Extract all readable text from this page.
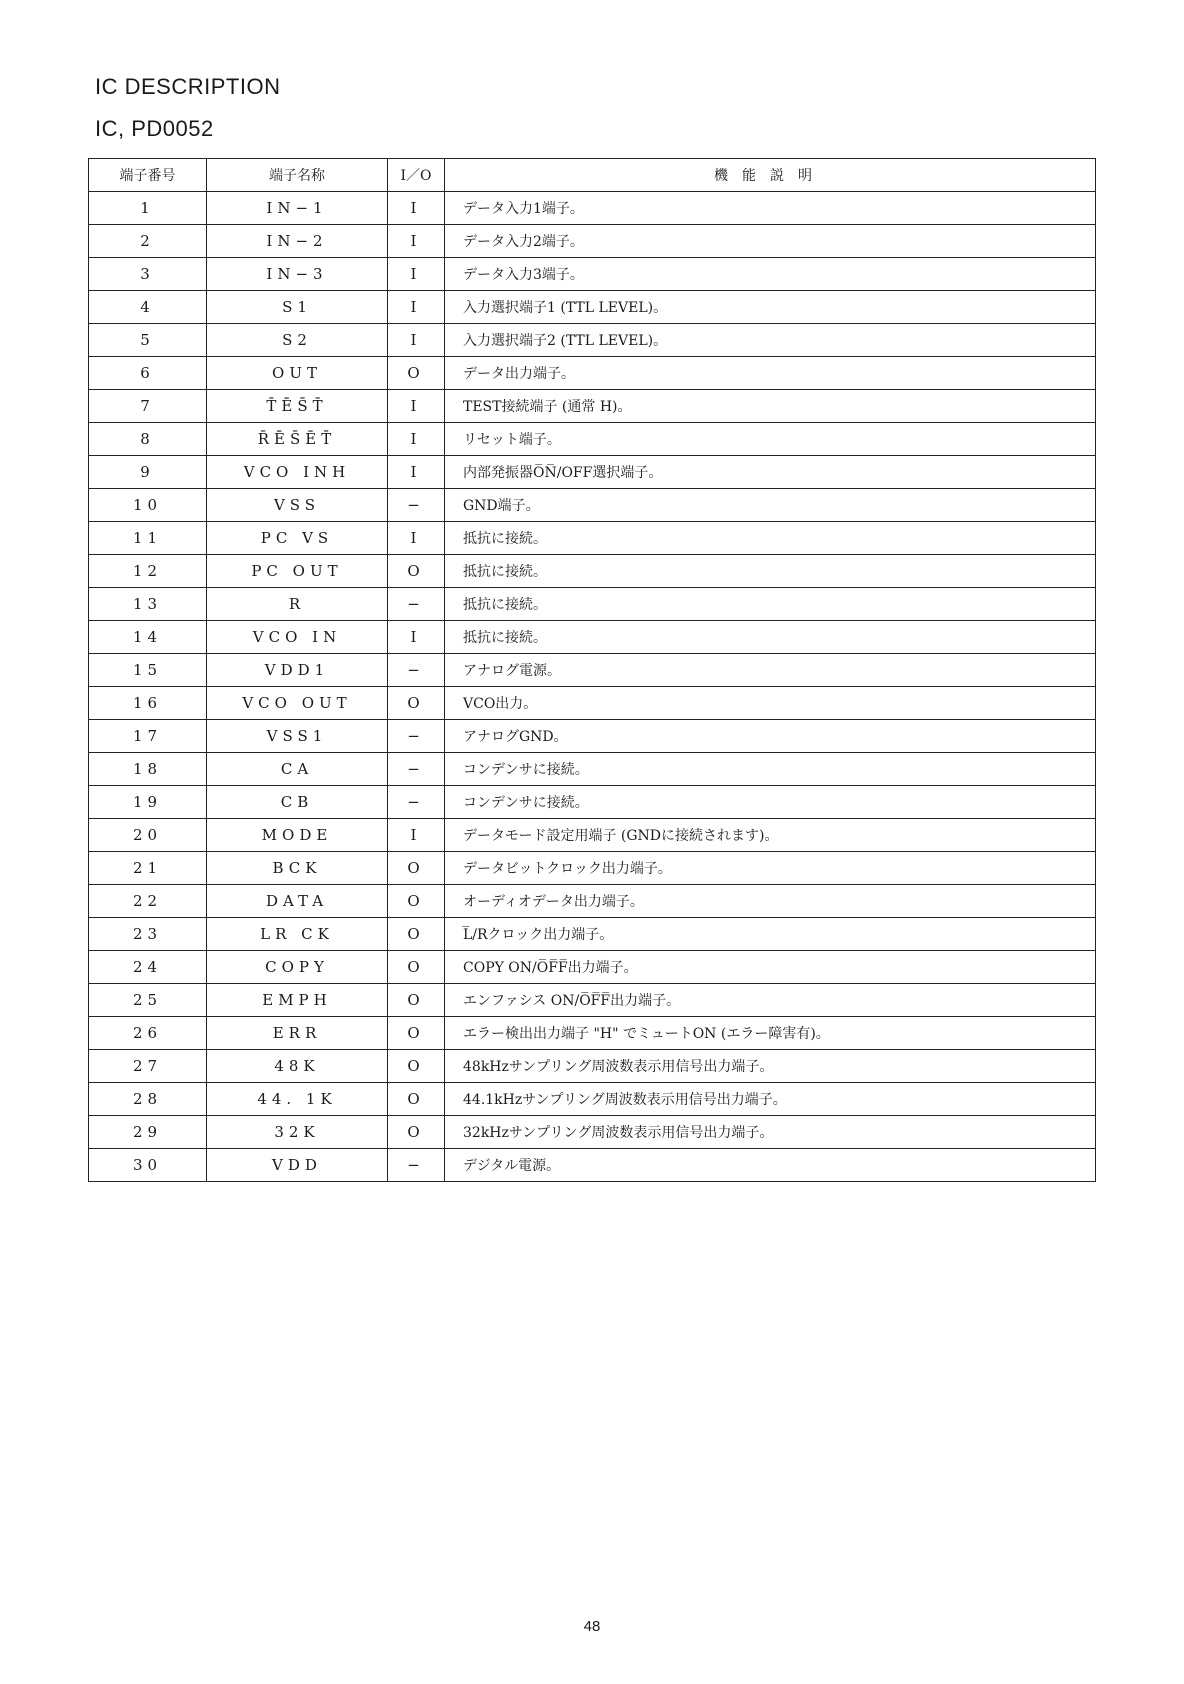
IC DESCRIPTION
IC, PD0052
端子番号	端子名称	I／O	機能説明
1	IN−1	I	データ入力1端子。
2	IN−2	I	データ入力2端子。
3	IN−3	I	データ入力3端子。
4	S1	I	入力選択端子1 (TTL LEVEL)。
5	S2	I	入力選択端子2 (TTL LEVEL)。
6	OUT	O	データ出力端子。
7	T̄ĒS̄T̄	I	TEST接続端子 (通常 H)。
8	R̄ĒS̄ĒT̄	I	リセット端子。
9	VCO INH	I	内部発振器O̅N̅/OFF選択端子。
10	VSS	−	GND端子。
11	PC VS	I	抵抗に接続。
12	PC OUT	O	抵抗に接続。
13	R	−	抵抗に接続。
14	VCO IN	I	抵抗に接続。
15	VDD1	−	アナログ電源。
16	VCO OUT	O	VCO出力。
17	VSS1	−	アナログGND。
18	CA	−	コンデンサに接続。
19	CB	−	コンデンサに接続。
20	MODE	I	データモード設定用端子 (GNDに接続されます)。
21	BCK	O	データビットクロック出力端子。
22	DATA	O	オーディオデータ出力端子。
23	LR CK	O	L̅/Rクロック出力端子。
24	COPY	O	COPY ON/O̅F̅F̅出力端子。
25	EMPH	O	エンファシス ON/O̅F̅F̅出力端子。
26	ERR	O	エラー検出出力端子 "H" でミュートON (エラー障害有)。
27	48K	O	48kHzサンプリング周波数表示用信号出力端子。
28	44. 1K	O	44.1kHzサンプリング周波数表示用信号出力端子。
29	32K	O	32kHzサンプリング周波数表示用信号出力端子。
30	VDD	−	デジタル電源。
48
